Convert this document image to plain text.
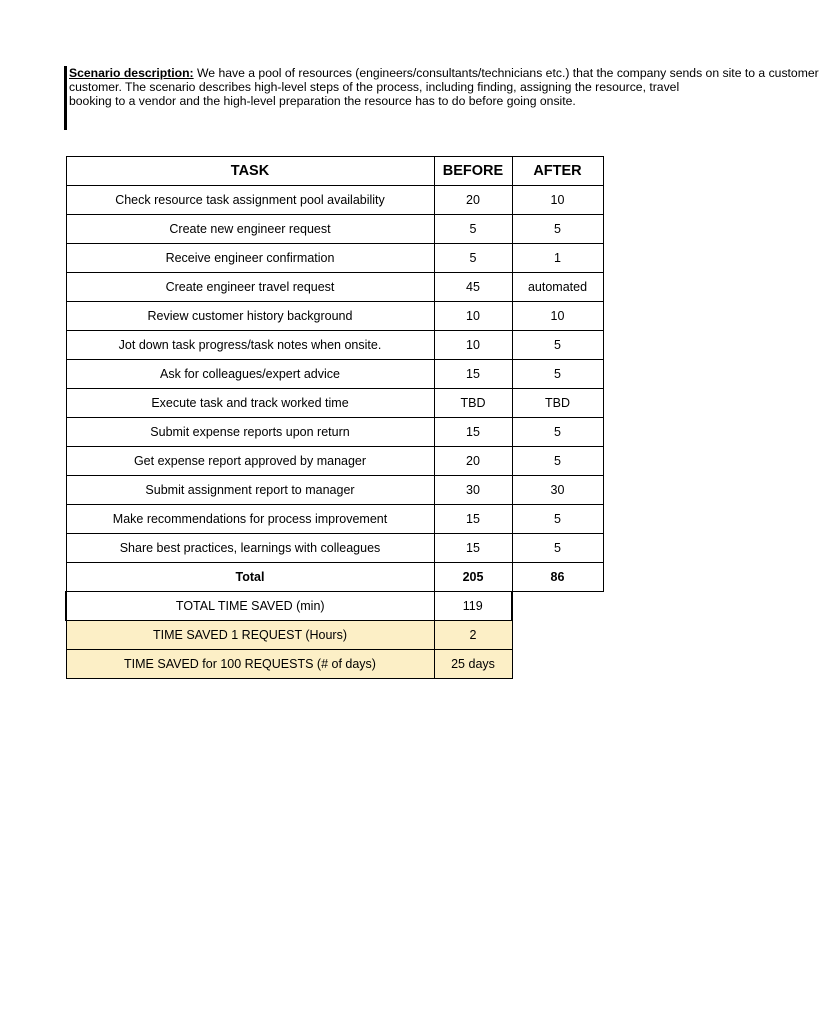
Scenario description: We have a pool of resources (engineers/consultants/technicians etc.) that the company sends on site to a customer
customer. The scenario describes high-level steps of the process, including finding, assigning the resource, travel
booking to a vendor and the high-level preparation the resource has to do before going onsite.
TASK	BEFORE	AFTER
Check resource task assignment pool availability	20	10
Create new engineer request	5	5
Receive engineer confirmation	5	1
Create engineer travel request	45	automated
Review customer history background	10	10
Jot down task progress/task notes when onsite.	10	5
Ask for colleagues/expert advice	15	5
Execute task and track worked time	TBD	TBD
Submit expense reports upon return	15	5
Get expense report approved by manager	20	5
Submit assignment report to manager	30	30
Make recommendations for process improvement	15	5
Share best practices, learnings with colleagues	15	5
Total	205	86
TOTAL TIME SAVED (min)	119	
TIME SAVED 1 REQUEST (Hours)	2	
TIME SAVED for 100 REQUESTS (# of days)	25 days	
